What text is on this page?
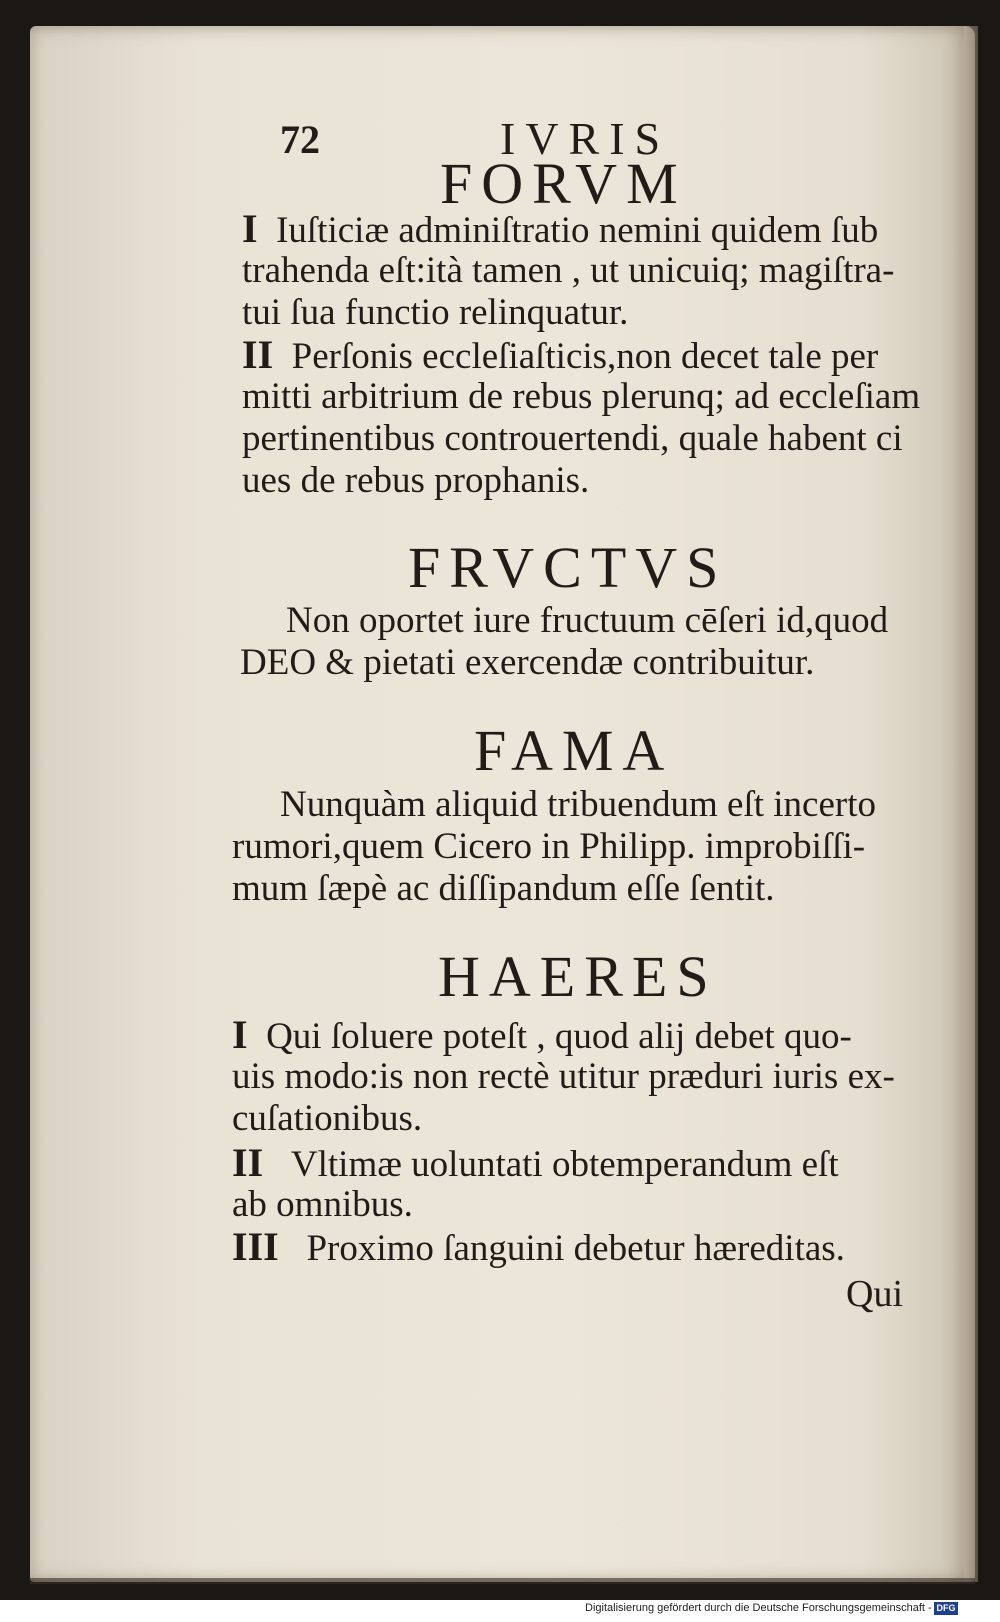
72	IVRIS
FORVM
I Iuſticiæ adminiſtratio nemini quidem ſub
trahenda eſt:ità tamen , ut unicuiq; magiſtra-
tui ſua functio relinquatur.
II Perſonis eccleſiaſticis,non decet tale per
mitti arbitrium de rebus plerunq; ad eccleſiam
pertinentibus controuertendi, quale habent ci
ues de rebus prophanis.
FRVCTVS
Non oportet iure fructuum cēſeri id,quod
DEO & pietati exercendæ contribuitur.
FAMA
Nunquàm aliquid tribuendum eſt incerto
rumori,quem Cicero in Philipp. improbiſſi-
mum ſæpè ac diſſipandum eſſe ſentit.
HAERES
I Qui ſoluere poteſt , quod alij debet quo-
uis modo:is non rectè utitur præduri iuris ex-
cuſationibus.
II Vltimæ uoluntati obtemperandum eſt
ab omnibus.
III Proximo ſanguini debetur hæreditas.
Qui
Digitalisierung gefördert durch die Deutsche Forschungsgemeinschaft - DFG
